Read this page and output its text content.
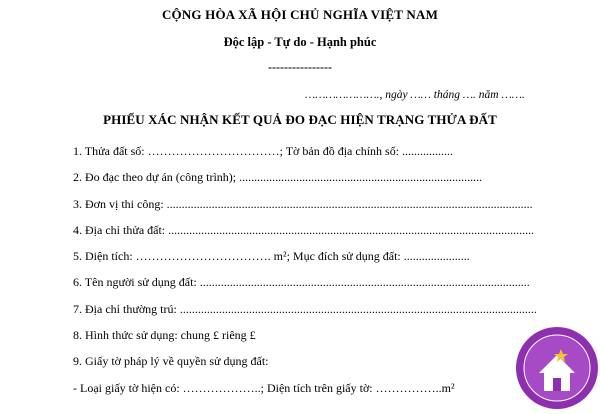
CỘNG HÒA XÃ HỘI CHỦ NGHĨA VIỆT NAM
Độc lập - Tự do - Hạnh phúc
----------------
…………………., ngày …… tháng …. năm …….
PHIẾU XÁC NHẬN KẾT QUẢ ĐO ĐẠC HIỆN TRẠNG THỬA ĐẤT
1. Thửa đất số: ……………………………; Tờ bản đồ địa chính số: .................
2. Đo đạc theo dự án (công trình); .................................................................................
3. Đơn vị thi công: ..........................................................................................................................
4. Địa chỉ thửa đất: ..........................................................................................................................
5. Diện tích: ……………………………. m²; Mục đích sử dụng đất: ......................
6. Tên người sử dụng đất: ..............................................................................................................
7. Địa chỉ thường trú: .......................................................................................................................
8. Hình thức sử dụng: chung £ riêng £
9. Giấy tờ pháp lý về quyền sử dụng đất:
- Loại giấy tờ hiện có: ………………..; Diện tích trên giấy tờ: ……………..m²
